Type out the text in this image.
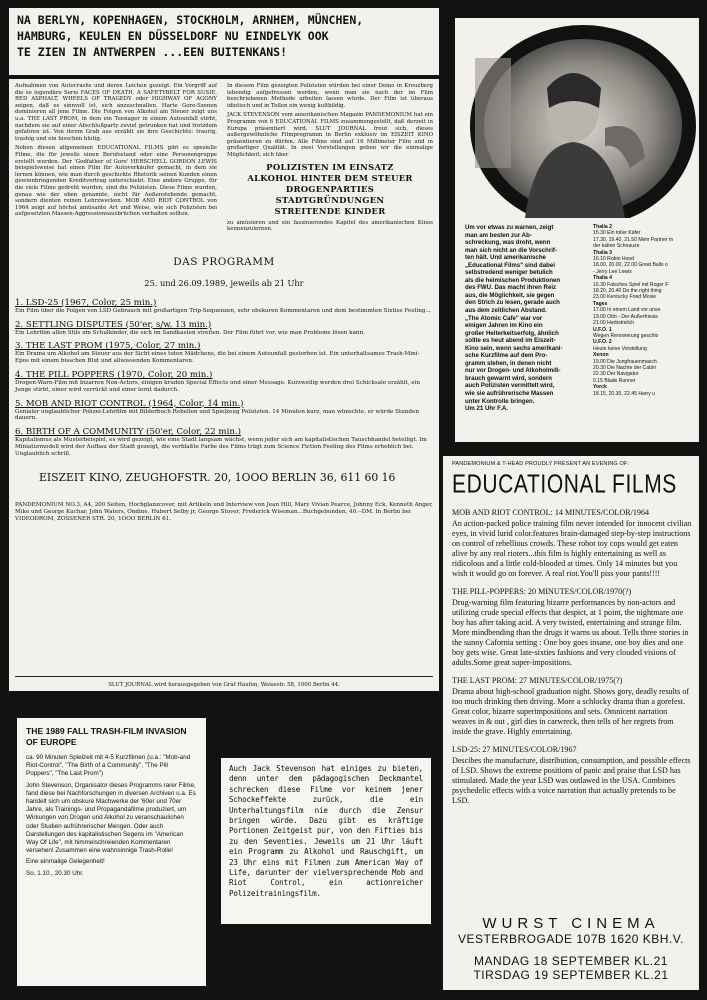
NA BERLYN, KOPENHAGEN, STOCKHOLM, ARNHEM, MÜNCHEN,
HAMBURG, KEULEN EN DÜSSELDORF NU EINDELYK OOK
TE ZIEN IN ANTWERPEN ...EEN BUITENKANS!

Aufnahmen von Autocrashs und deren Leichen gezeigt. Ein Vorgriff auf die so legendäre Serie FACES OF DEATH. A SAFETYBELT FOR SUSIE, RED ASPHALT, WHEELS OF TRAGEDY oder HIGHWAY OF AGONY zeigen, daß es sinnvoll ist, sich anzuschnallen. Harte Gore-Szenen dominieren all jene Filme. Die Folgen von Alkohol am Steuer zeigt uns u.a. THE LAST PROM, in dem ein Teenager in einem Autounfall stirbt, nachdem sie auf einer Abschlußparty zuviel getrunken hat und trotzdem gefahren ist. Von ihrem Grab aus erzählt sie ihre Geschichte: traurig, trashig und ein bisschen blutig.

Neben diesen allgemeinen EDUCATIONAL FILMS gibt es spezielle Filme, die für jeweils einen Berufsstand oder eine Personengruppe erstellt wurden. Der 'Godfather of Gore' HERSCHELL GORDON LEWIS beispielsweise hat einen Film für Autoverkäufer gemacht, in dem sie lernen können, wie man durch geschickte Rhetorik seinen Kunden einen gewinnbringenden Kreditvertrag unterschiebt. Eine andere Gruppe, für die viele Filme gedreht wurden, sind die Polizisten. Diese Filme wurden, genau wie der eben genannte, nicht für Außenstehende gemacht, sondern dienten reinen Lehrzwecken. MOB AND RIOT CONTROL von 1964 zeigt auf höchst amüsante Art und Weise, wie sich Polizisten bei aufgesetzten Massen-Aggressionsausbrüchen verhalten sollten.

In diesem Film gezeigten Polizisten würden bei einer Demo in Kreuzberg lebendig aufgefressen werden, wenn man sie nach der im Film beschriebenen Methode arbeiten lassen würde. Der Film ist überaus idiotisch und in Teilen ein wenig kultbildig.

JACK STEVENSON vom amerikanischen Magazin PANDEMONIUM hat ein Programm von 6 EDUCATIONAL FILMS zusammengestellt, daß derzeit in Europa präsentiert wird. SLUT JOURNAL freut sich, dieses außergewöhnliche Filmprogramm in Berlin exklusiv im EISZEIT KINO präsentieren zu dürfen. Alle Filme sind auf 16 Millimeter Film und in großartiger Qualität. In zwei Vorstellungen geben wir die einmalige Möglichkeit, sich über

POLIZISTEN IM EINSATZ
ALKOHOL HINTER DEM STEUER
DROGENPARTIES
STADTGRÜNDUNGEN
STREITENDE KINDER

zu amüsieren und ein faszinierendes Kapitel des amerikanischen Kinos kennenzulernen.

DAS PROGRAMM
25. und 26.09.1989, jeweils ab 21 Uhr
1. LSD-25 (1967, Color, 25 min.)
Ein Film über die Folgen von LSD Gebrauch mit großartigen Trip-Sequenzen, sehr obskuren Kommentaren und dem bestimmten Sixties Feeling...
2. SETTLING DISPUTES (50'er, s/w. 13 min.)
Ein Lehrfilm allen Stils um Schulkinder, die sich im Sandkasten streiten. Der Film führt vor, wie man Probleme lösen kann.
3. THE LAST PROM (1975, Color, 27 min.)
Ein Drama um Alkohol am Steuer aus der Sicht eines toten Mädchens, die bei einem Autounfall gestorben ist. Ein unterhaltsames Trash-Mini-Epos mit einem bisschen Blut und allwissenden Kommentaren.
4. THE PILL POPPERS (1970, Color, 20 min.)
Drogen-Warn-Film mit bizarren Non-Actors, einigen kruden Special Effects und einer Message. Kurzweilig werden drei Schicksale erzählt, ein Junge stirbt, einer wird verrückt und einer lernt dadurch.
5. MOB AND RIOT CONTROL (1964, Color, 14 min.)
Genialer unglaublicher Polizei-Lehrfilm mit Bilderbuch Rebellen und Spielzeug Polizisten. 14 Minuten kurz, man wünschte, er würde Stunden dauern.
6. BIRTH OF A COMMUNITY (50'er, Color, 22 min.)
Kapitalismus als Musterbeispiel, es wird gezeigt, wie eine Stadt langsam wächst, wenn jeder sich am kapitalistischen Tauschhandel beteiligt. Im Miniaturmodell wird der Aufbau der Stadt gezeigt, die verblaßte Farbe des Films trägt zum Science Fiction Feeling des Films erheblich bei. Unglaublich schrill.
EISZEIT KINO, ZEUGHOFSTR. 20, 1OOO BERLIN 36, 611 60 16
PANDEMONIUM NO.3, A4, 200 Seiten, Hochglanzcover, mit Artikeln und Interview von Jean Hill, Mary Vivian Pearce, Johnny Eck, Kenneth Anger, Mike und George Kuchar, John Waters, Ondine, Hubert Selby jr, George Stover, Frederick Wiseman...Buchgebunden, 40.--DM. In Berlin bei VIDEODROM, ZOSSENER STR. 20, 1OOO BERLIN 61.
SLUT JOURNAL wird herausgegeben von Graf Haufen, Weisestr. 58, 1000 Berlin 44.
Um vor etwas zu warnen, zeigt
man am besten zur Ab-
schreckung, was droht, wenn
man sich nicht an die Vorschrif-
ten hält. Und amerikanische
„Educational Films" sind dabei
selbstredend weniger betulich
als die heimischen Produktionen
des FWU. Das macht ihren Reiz
aus, die Möglichkeit, sie gegen
den Strich zu lesen, gerade auch
aus dem zeitlichen Abstand.
„The Atomic Cafe" war vor
einigen Jahren im Kino ein
großer Heiterkeitserfolg, ähnlich
sollte es heut abend im Eiszeit-
Kino sein, wenn sechs amerikani-
sche Kurzfilme auf dem Pro-
gramm stehen, in denen nicht
nur vor Drogen- und Alkoholmiß-
brauch gewarnt wird, sondern
auch Polizisten vermittelt wird,
wie sie aufrührerische Massen
unter Kontrolle bringen.
Um 21 Uhr F.A.
Thalia 2
15.30 Ein toller Käfer
17.30, 19.40, 21.50 Mein Partner m
der kalten Schnauze
Thalia 3
16.10 Robin Hood
18.00, 20.00, 22.00 Great Balls o
- Jerry Lee Lewis
Thalia 4
16.30 Falsches Spiel mit Roger F
18.20, 20.40 Do the right thing
23.00 Kentucky Fried Movie
Tages
17.00 In einem Land vor unse
19.00 Otto - Der Außerfriesis
21.00 Herbstmilch
U.F.O. 1
Wegen Renovierung geschlo
U.F.O. 2
Heute keine Vorstellung
Xenon
19.00 Die Jungfrauenmasch
20.30 Die Nachte der Cabiri
22.30 Der Navigator
0.15 Blade Runner
Yorck
18.15, 20.30, 22.45 Harry u
PANDEMONIUM & T-HEAD PROUDLY PRESENT AN EVENING OF:
EDUCATIONAL FILMS

MOB AND RIOT CONTROL: 14 MINUTES/COLOR/1964

An action-packed police training film never intended for innocent civilian eyes, in vivid lurid color.features brain-damaged step-by-step instructions on control of rebellious crowds. These robot toy cops would get eaten alive by any real rioters...this film is highly entertaining as well as ridicolous and a little cold-blooded at times. Only 14 minutes but you wish it would go on forever. A real riot.You'll piss your pants!!!!

THE PILL-POPPERS: 20 MINUTES/COLOR/1970(?)

Drug-warning film featuring bizarre performances by non-actors and utilizing crude special effects that despict, at 1 point, the nightmare one boy has after taking acid. A very twisted, entertaining and strange film. More mindbending than the drugs it warns us about. Tells three stories in the sunny Cafornia setting : One boy goes insane, one boy dies and one boy gets wise. Great late-sixties fashions and very clouded visions of adults.Some great super-impositions.

THE LAST PROM: 27 MINUTES/COLOR/1975(?)

Drama about high-school graduation night. Shows gory, deadly results of too much drinking then driving. More a schlocky drama than a gorefest. Great color, bizarre superimpositions and sets. Omnicent narration weaves in & out , girl dies in carwreck, then tells of her regrets from inside the grave. Highly entertaining.

LSD-25: 27 MINUTES/COLOR/1967

Descibes the manufacture, distribution, consumption, and possible effects of LSD. Shows the extreme positions of panic and praise that LSD has stimulated. Made the year LSD was outlawed in the USA. Combines psychedelic effects with a voice narration that actually pretends to be LSD.

WURST CINEMA
VESTERBROGADE 107B 1620 KBH.V.
MANDAG 18 SEPTEMBER KL.21
TIRSDAG 19 SEPTEMBER KL.21
THE 1989 FALL TRASH-FILM INVASION OF EUROPE

ca. 90 Minuten Spielzeit mit 4-5 Kurzfilmen (u.a.: "Mob-and Riot-Control", "The Birth of a Community", "The Pill Poppers", "The Last Prom")

John Stevenson, Organisator dieses Programms rarer Filme, fand diese bei Nachforschungen in diversen Archiven u.a. Es handelt sich um obskure Machwerke der '60er und 70er Jahre, als Trainings- und Propagandafilme produziert, um Wirkungen von Drogen und Alkohol zu veranschaulichen oder Studien aufrührerischer Mengen. Oder auch Darstellungen des kapitalistischen Segens im "American Way Of Life", mit himmelschreienden Kommentaren versehen! Zusammen eine wahnsinnige Trash-Rolle!

Eine einmalige Gelegenheit!

So, 1.10., 20.30 Uhr.

Auch Jack Stevenson hat einiges zu bieten, denn unter dem pädagogischen Deckmantel schrecken diese Filme vor keinem jener Schockeffekte zurück, die ein Unterhaltungsfilm nie durch die Zensur bringen würde. Dazu gibt es kräftige Portionen Zeitgeist pur, von den Fifties bis zu den Seventies. Jeweils um 21 Uhr läuft ein Programm zu Alkohol und Rauschgift, um 23 Uhr eins mit Filmen zum American Way of Life, darunter der vielversprechende Mob and Riot Control, ein actionreicher Polizeitrainingsfilm.
